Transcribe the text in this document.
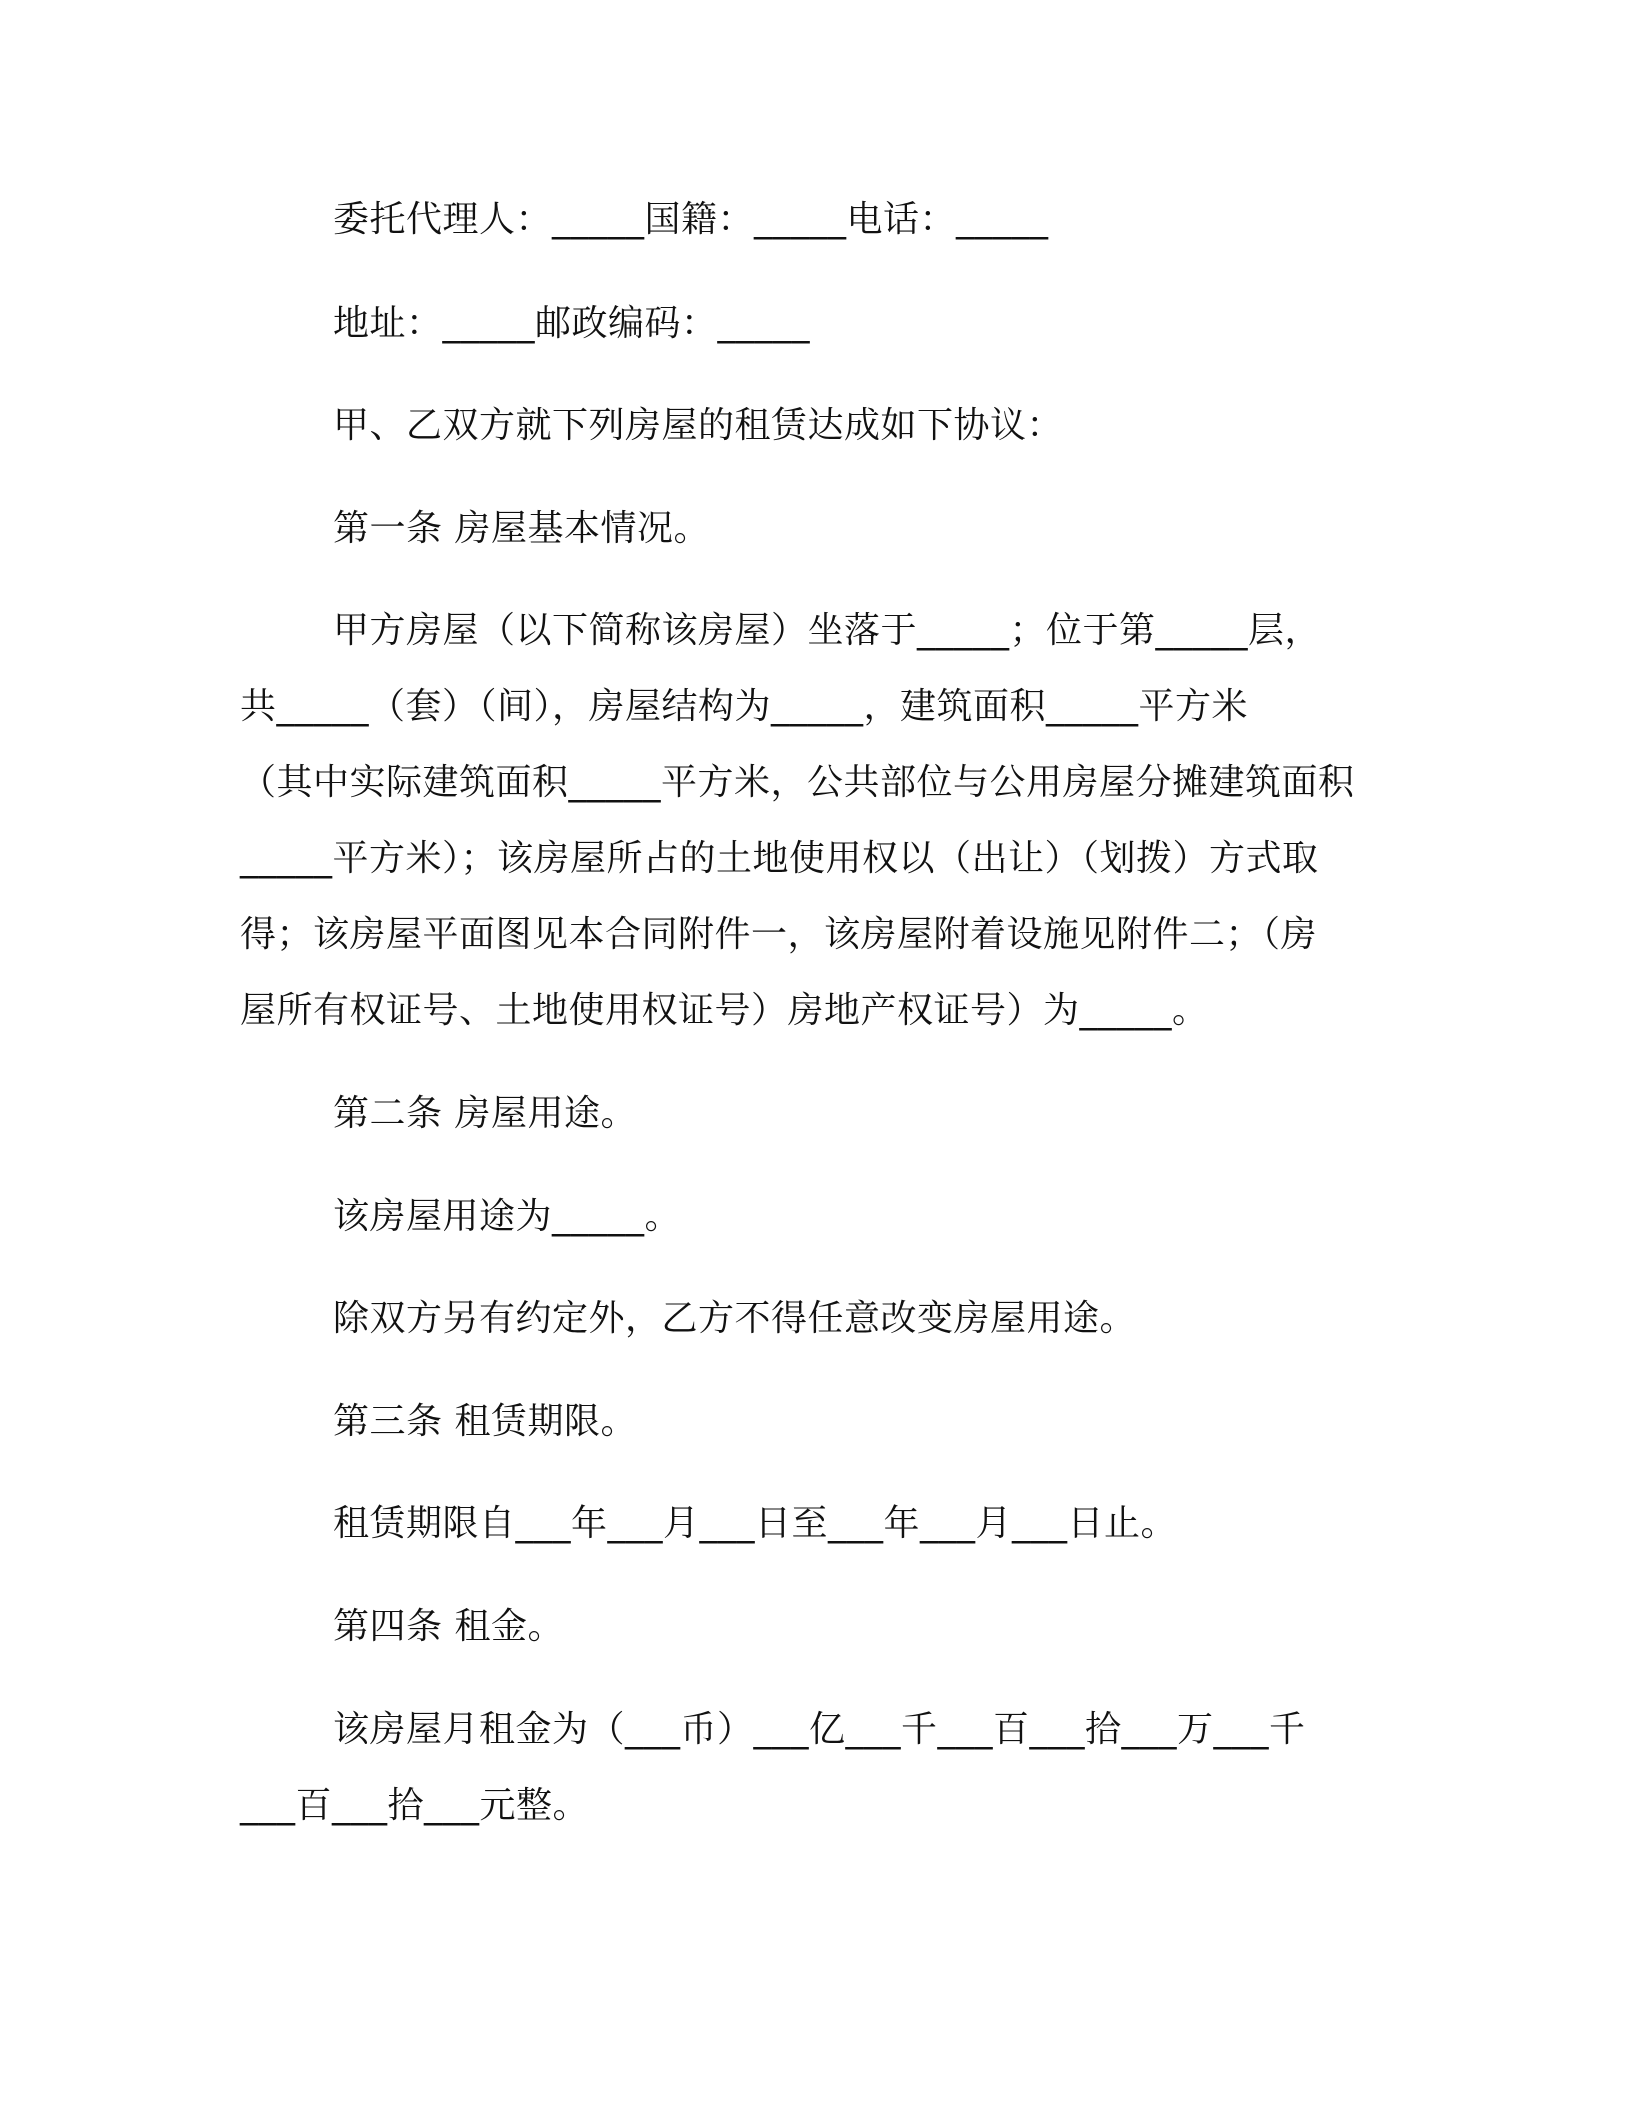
委托代理人：_____国籍：_____电话：_____
地址：_____邮政编码：_____
甲、乙双方就下列房屋的租赁达成如下协议：
第一条 房屋基本情况。
甲方房屋（以下简称该房屋）坐落于_____；位于第_____层，
共_____（套）（间），房屋结构为_____，建筑面积_____平方米
（其中实际建筑面积_____平方米，公共部位与公用房屋分摊建筑面积
_____平方米）；该房屋所占的土地使用权以（出让）（划拨）方式取
得；该房屋平面图见本合同附件一，该房屋附着设施见附件二；（房
屋所有权证号、土地使用权证号）房地产权证号）为_____。
第二条 房屋用途。
该房屋用途为_____。
除双方另有约定外，乙方不得任意改变房屋用途。
第三条 租赁期限。
租赁期限自___年___月___日至___年___月___日止。
第四条 租金。
该房屋月租金为（___币）___亿___千___百___拾___万___千
___百___拾___元整。
